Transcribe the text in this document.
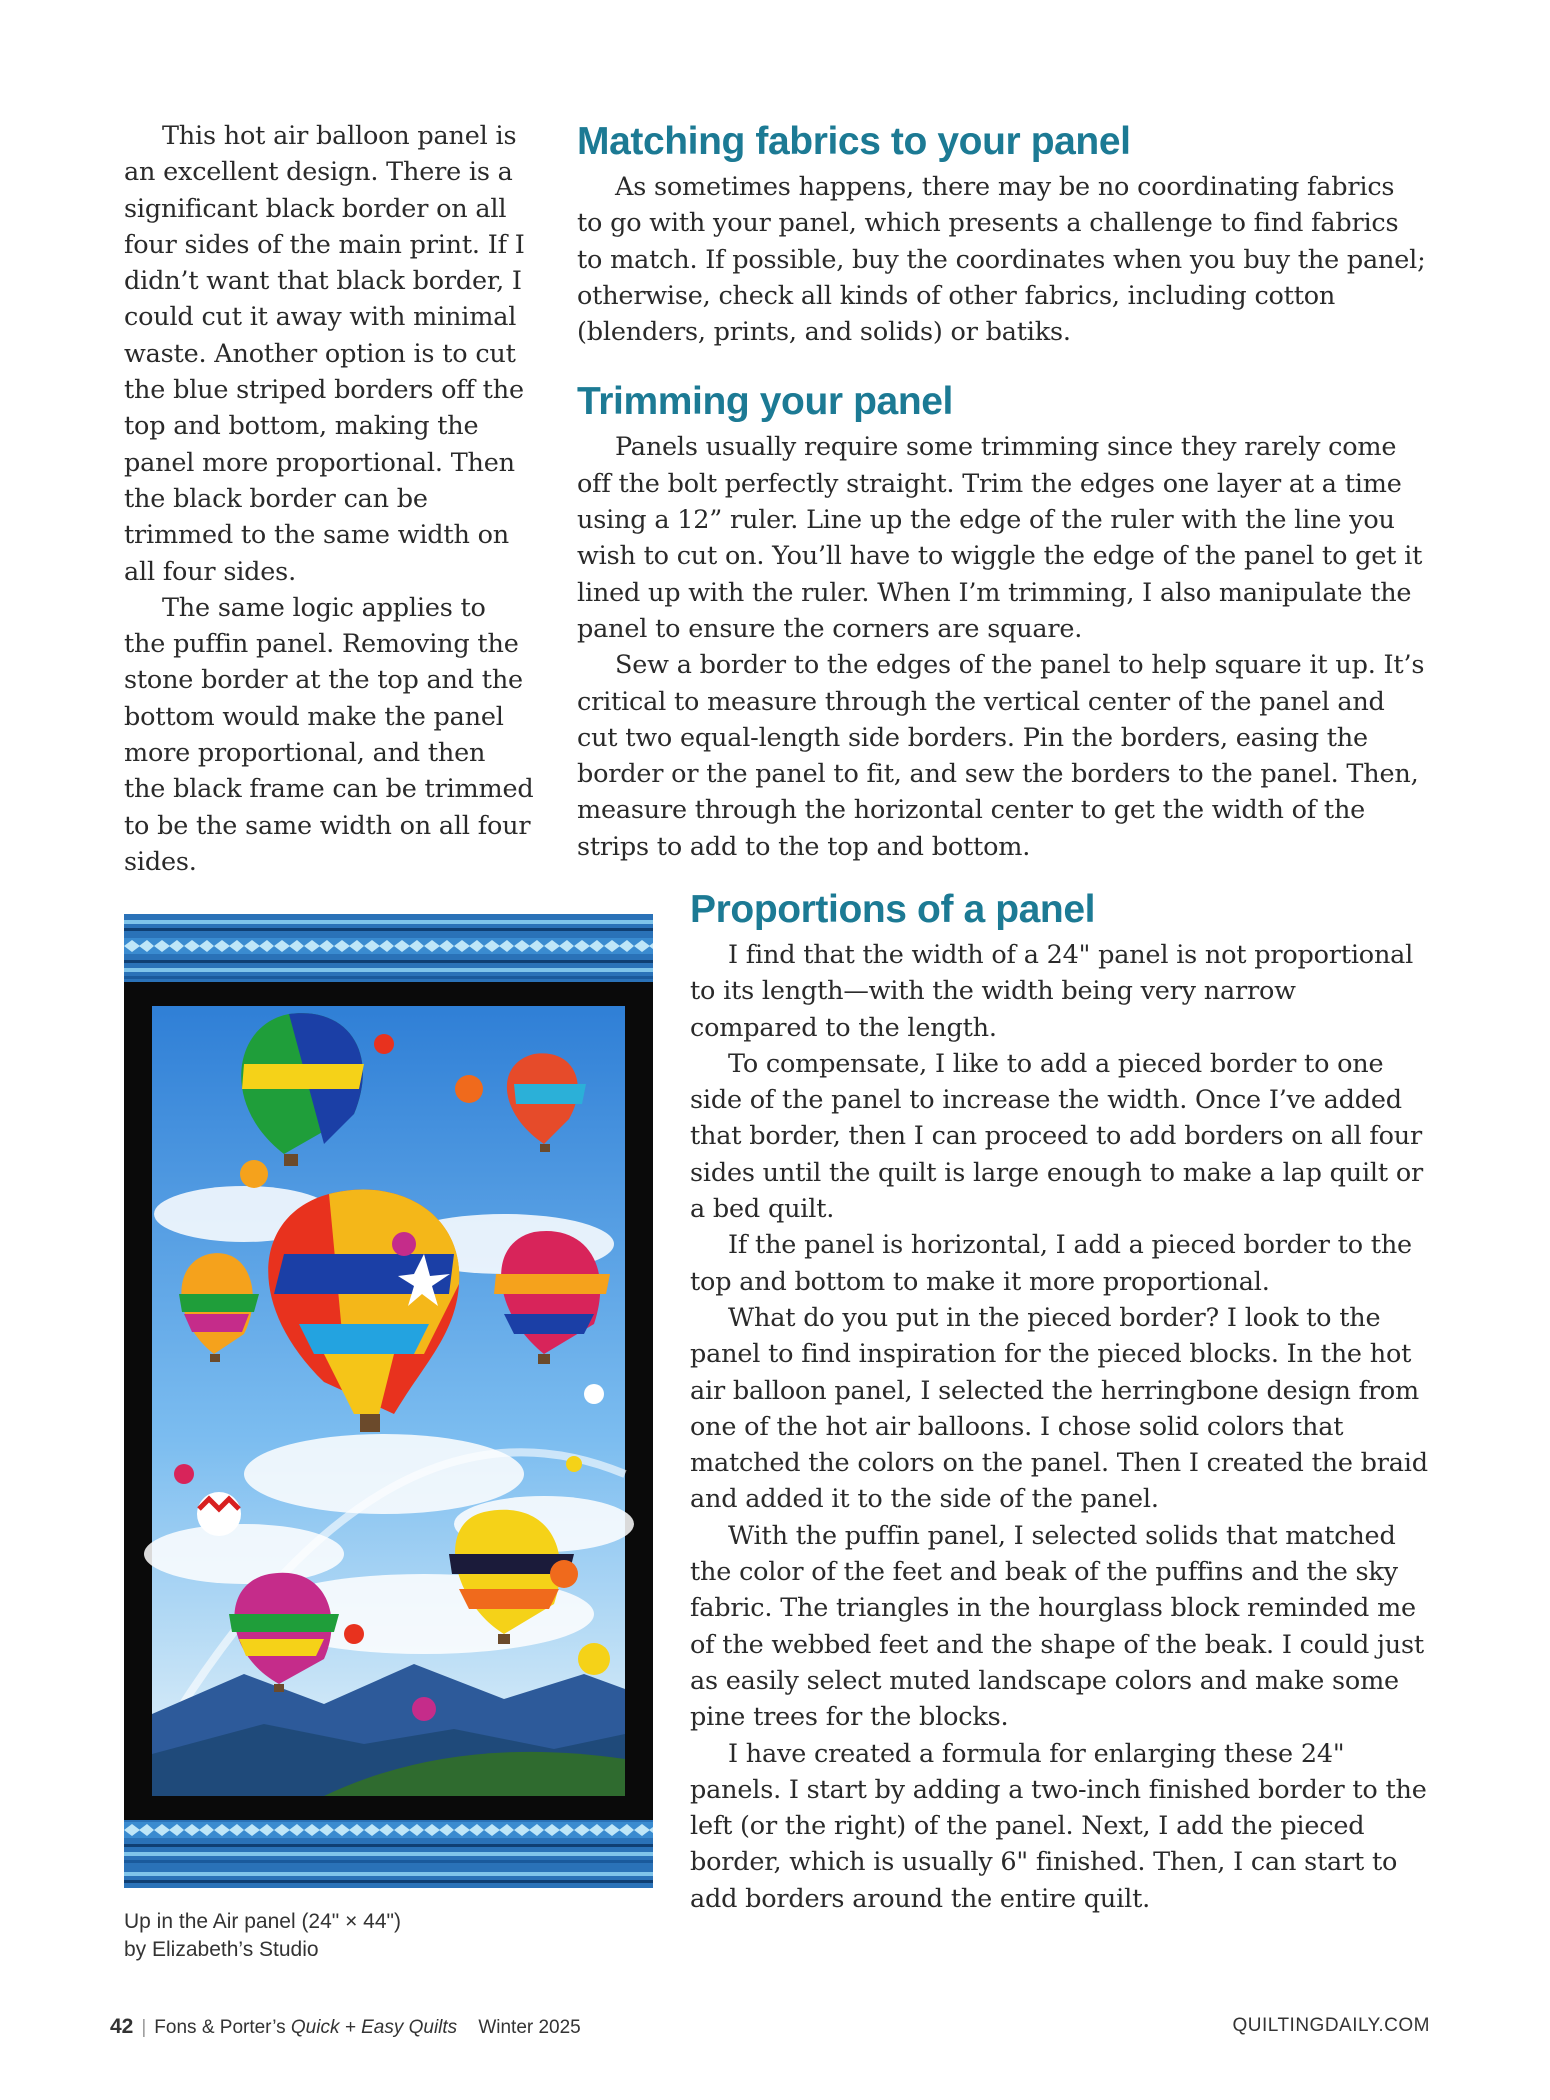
This hot air balloon panel is an excellent design. There is a significant black border on all four sides of the main print. If I didn’t want that black border, I could cut it away with minimal waste. Another option is to cut the blue striped borders off the top and bottom, making the panel more proportional. Then the black border can be trimmed to the same width on all four sides.

The same logic applies to the puffin panel. Removing the stone border at the top and the bottom would make the panel more proportional, and then the black frame can be trimmed to be the same width on all four sides.

Matching fabrics to your panel

As sometimes happens, there may be no coordinating fabrics to go with your panel, which presents a challenge to find fabrics to match. If possible, buy the coordinates when you buy the panel; otherwise, check all kinds of other fabrics, including cotton (blenders, prints, and solids) or batiks.

Trimming your panel

Panels usually require some trimming since they rarely come off the bolt perfectly straight. Trim the edges one layer at a time using a 12” ruler. Line up the edge of the ruler with the line you wish to cut on. You’ll have to wiggle the edge of the panel to get it lined up with the ruler. When I’m trimming, I also manipulate the panel to ensure the corners are square.

Sew a border to the edges of the panel to help square it up. It’s critical to measure through the vertical center of the panel and cut two equal-length side borders. Pin the borders, easing the border or the panel to fit, and sew the borders to the panel. Then, measure through the horizontal center to get the width of the strips to add to the top and bottom.

Proportions of a panel

I find that the width of a 24" panel is not proportional to its length—with the width being very narrow compared to the length.

To compensate, I like to add a pieced border to one side of the panel to increase the width. Once I’ve added that border, then I can proceed to add borders on all four sides until the quilt is large enough to make a lap quilt or a bed quilt.

If the panel is horizontal, I add a pieced border to the top and bottom to make it more proportional.

What do you put in the pieced border? I look to the panel to find inspiration for the pieced blocks. In the hot air balloon panel, I selected the herringbone design from one of the hot air balloons. I chose solid colors that matched the colors on the panel. Then I created the braid and added it to the side of the panel.

With the puffin panel, I selected solids that matched the color of the feet and beak of the puffins and the sky fabric. The triangles in the hourglass block reminded me of the webbed feet and the shape of the beak. I could just as easily select muted landscape colors and make some pine trees for the blocks.

I have created a formula for enlarging these 24" panels. I start by adding a two-inch finished border to the left (or the right) of the panel. Next, I add the pieced border, which is usually 6" finished. Then, I can start to add borders around the entire quilt.

Up in the Air panel (24" × 44")
by Elizabeth’s Studio
42 | Fons & Porter’s Quick + Easy Quilts Winter 2025	QUILTINGDAILY.COM
